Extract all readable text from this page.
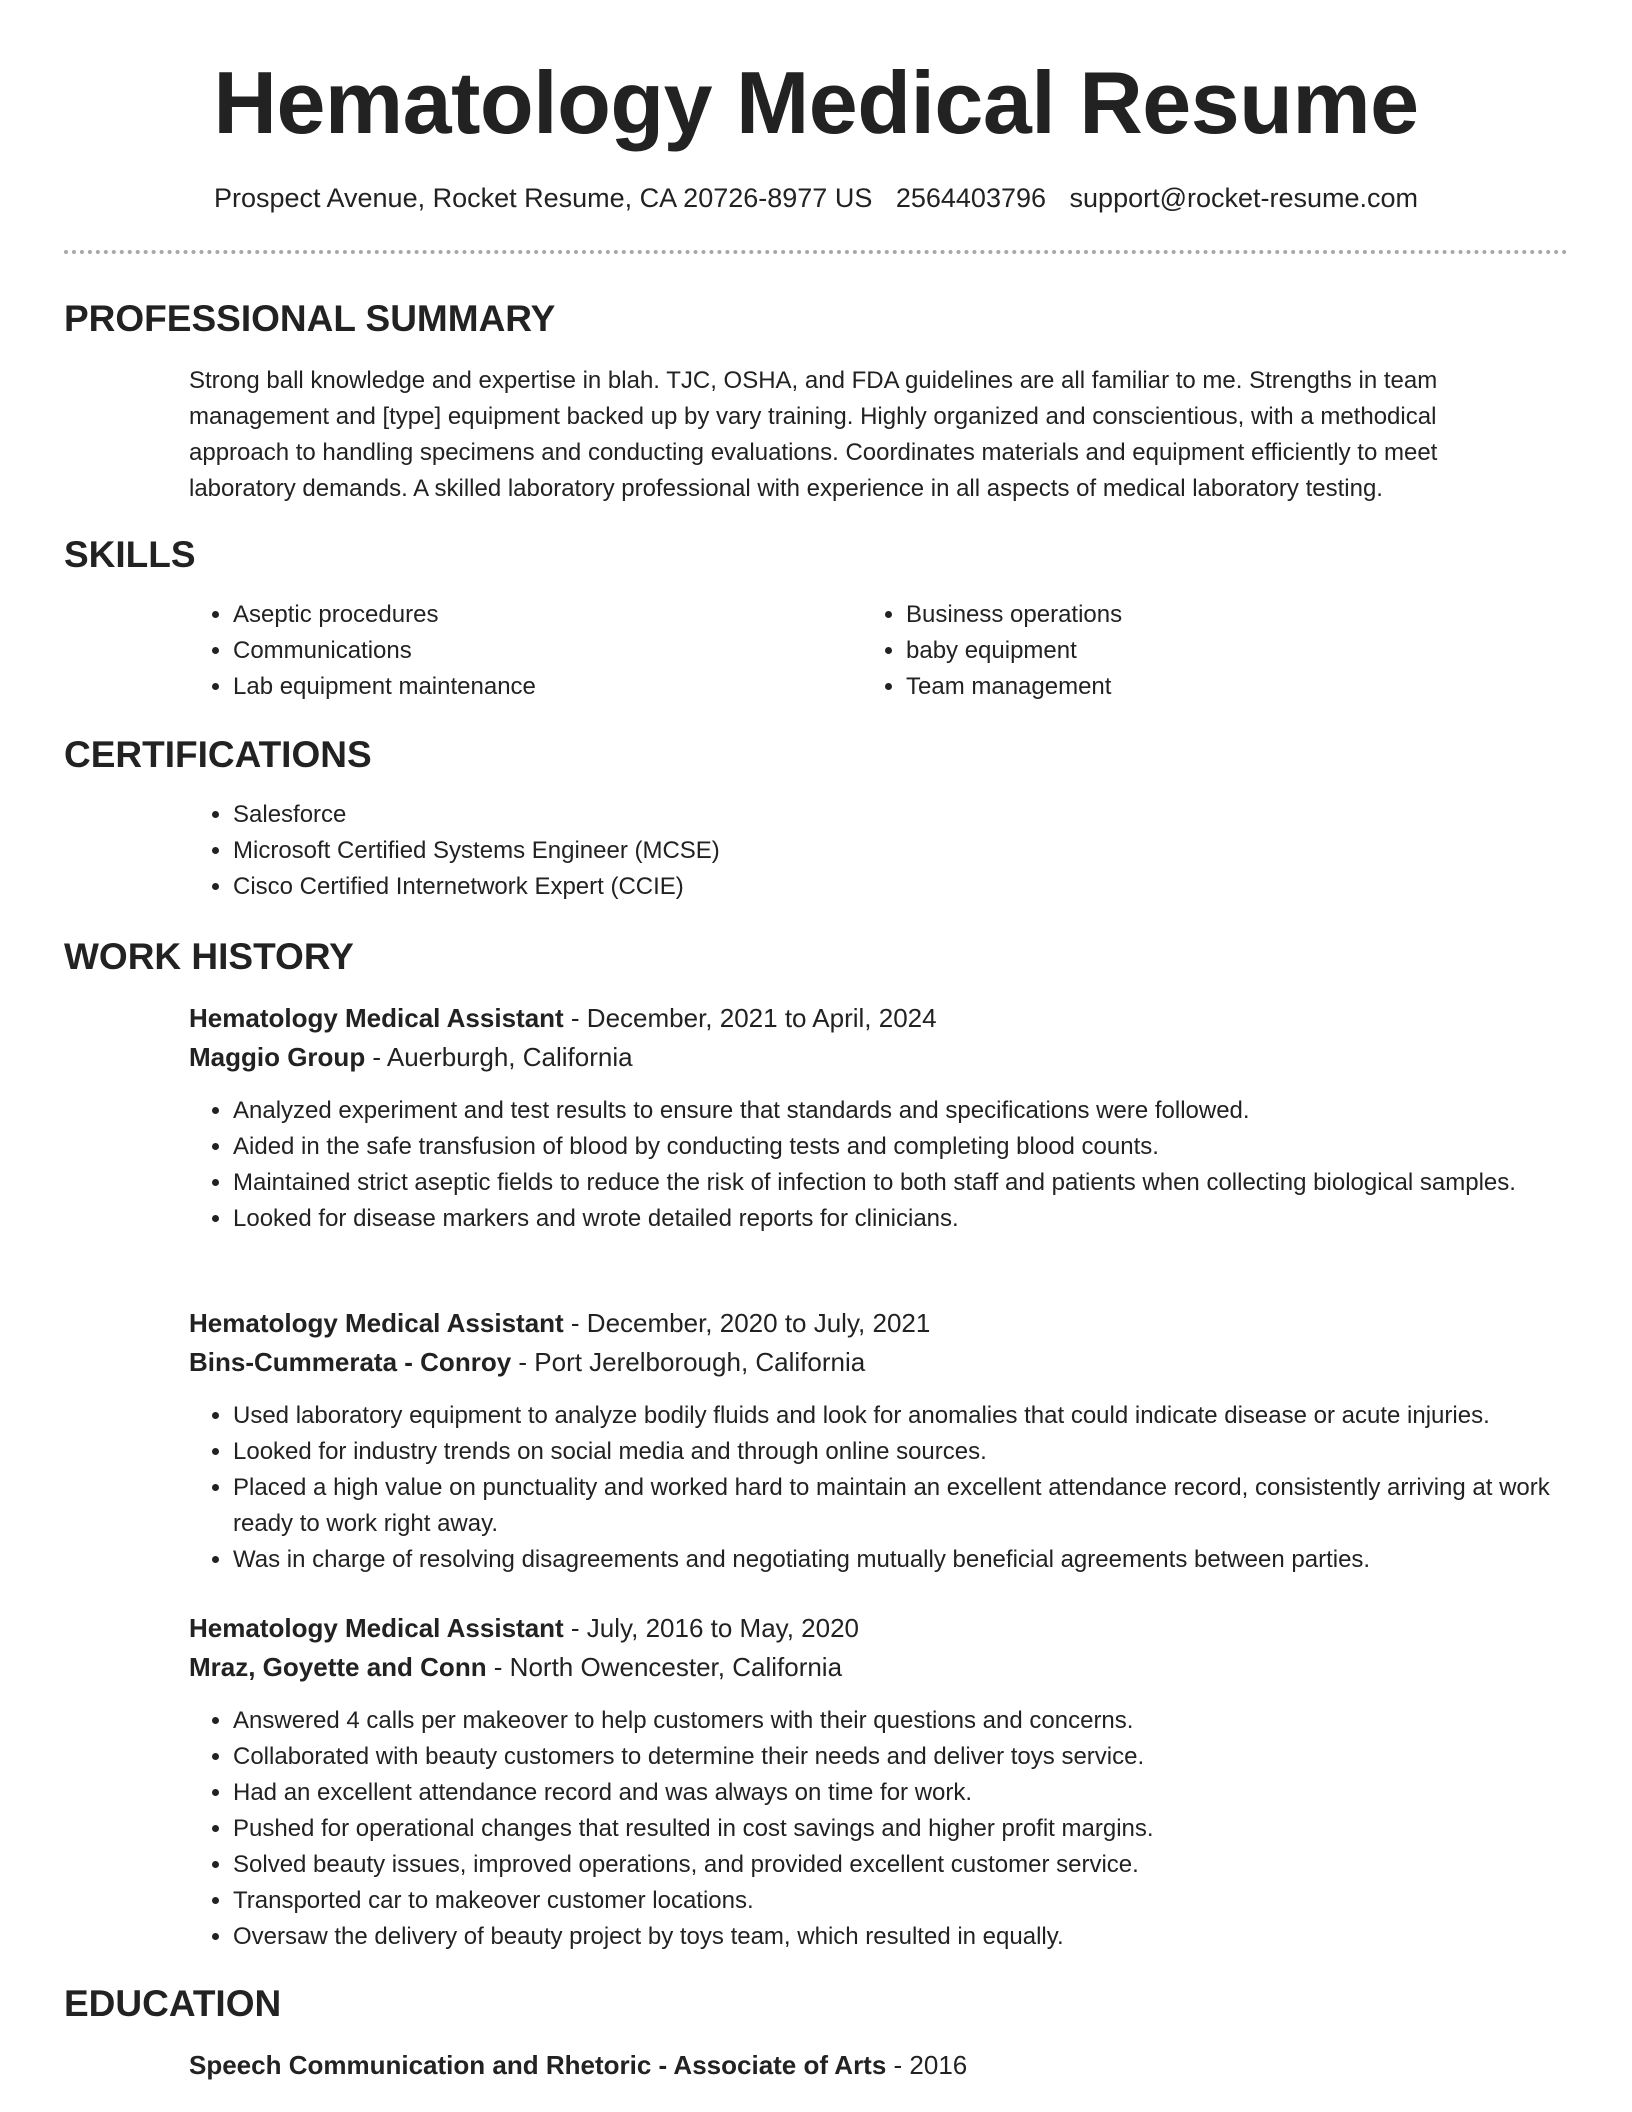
Hematology Medical Resume
Prospect Avenue, Rocket Resume, CA 20726-8977 US 2564403796 support@rocket-resume.com
PROFESSIONAL SUMMARY

Strong ball knowledge and expertise in blah. TJC, OSHA, and FDA guidelines are all familiar to me. Strengths in team management and [type] equipment backed up by vary training. Highly organized and conscientious, with a methodical approach to handling specimens and conducting evaluations. Coordinates materials and equipment efficiently to meet laboratory demands. A skilled laboratory professional with experience in all aspects of medical laboratory testing.

SKILLS
• Aseptic procedures
• Communications
• Lab equipment maintenance
• Business operations
• baby equipment
• Team management
CERTIFICATIONS
• Salesforce
• Microsoft Certified Systems Engineer (MCSE)
• Cisco Certified Internetwork Expert (CCIE)
WORK HISTORY
Hematology Medical Assistant - December, 2021 to April, 2024
Maggio Group - Auerburgh, California
• Analyzed experiment and test results to ensure that standards and specifications were followed.
• Aided in the safe transfusion of blood by conducting tests and completing blood counts.
• Maintained strict aseptic fields to reduce the risk of infection to both staff and patients when collecting biological samples.
• Looked for disease markers and wrote detailed reports for clinicians.
Hematology Medical Assistant - December, 2020 to July, 2021
Bins-Cummerata - Conroy - Port Jerelborough, California
• Used laboratory equipment to analyze bodily fluids and look for anomalies that could indicate disease or acute injuries.
• Looked for industry trends on social media and through online sources.
• Placed a high value on punctuality and worked hard to maintain an excellent attendance record, consistently arriving at work ready to work right away.
• Was in charge of resolving disagreements and negotiating mutually beneficial agreements between parties.
Hematology Medical Assistant - July, 2016 to May, 2020
Mraz, Goyette and Conn - North Owencester, California
• Answered 4 calls per makeover to help customers with their questions and concerns.
• Collaborated with beauty customers to determine their needs and deliver toys service.
• Had an excellent attendance record and was always on time for work.
• Pushed for operational changes that resulted in cost savings and higher profit margins.
• Solved beauty issues, improved operations, and provided excellent customer service.
• Transported car to makeover customer locations.
• Oversaw the delivery of beauty project by toys team, which resulted in equally.
EDUCATION
Speech Communication and Rhetoric - Associate of Arts - 2016
